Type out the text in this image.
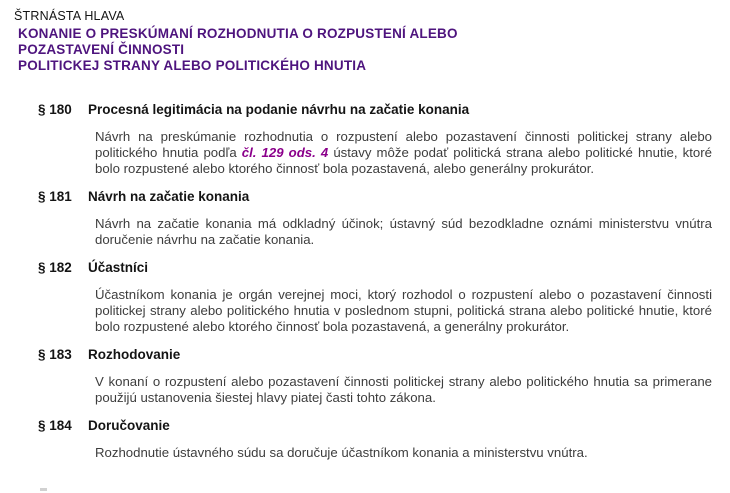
ŠTRNÁSTA HLAVA
KONANIE O PRESKÚMANÍ ROZHODNUTIA O ROZPUSTENÍ ALEBO
POZASTAVENÍ ČINNOSTI
POLITICKEJ STRANY ALEBO POLITICKÉHO HNUTIA
§ 180	Procesná legitimácia na podanie návrhu na začatie konania

Návrh na preskúmanie rozhodnutia o rozpustení alebo pozastavení činnosti politickej strany alebo politického hnutia podľa čl. 129 ods. 4 ústavy môže podať politická strana alebo politické hnutie, ktoré bolo rozpustené alebo ktorého činnosť bola pozastavená, alebo generálny prokurátor.

§ 181	Návrh na začatie konania

Návrh na začatie konania má odkladný účinok; ústavný súd bezodkladne oznámi ministerstvu vnútra doručenie návrhu na začatie konania.

§ 182	Účastníci

Účastníkom konania je orgán verejnej moci, ktorý rozhodol o rozpustení alebo o pozastavení činnosti politickej strany alebo politického hnutia v poslednom stupni, politická strana alebo politické hnutie, ktoré bolo rozpustené alebo ktorého činnosť bola pozastavená, a generálny prokurátor.

§ 183	Rozhodovanie

V konaní o rozpustení alebo pozastavení činnosti politickej strany alebo politického hnutia sa primerane použijú ustanovenia šiestej hlavy piatej časti tohto zákona.

§ 184	Doručovanie

Rozhodnutie ústavného súdu sa doručuje účastníkom konania a ministerstvu vnútra.
